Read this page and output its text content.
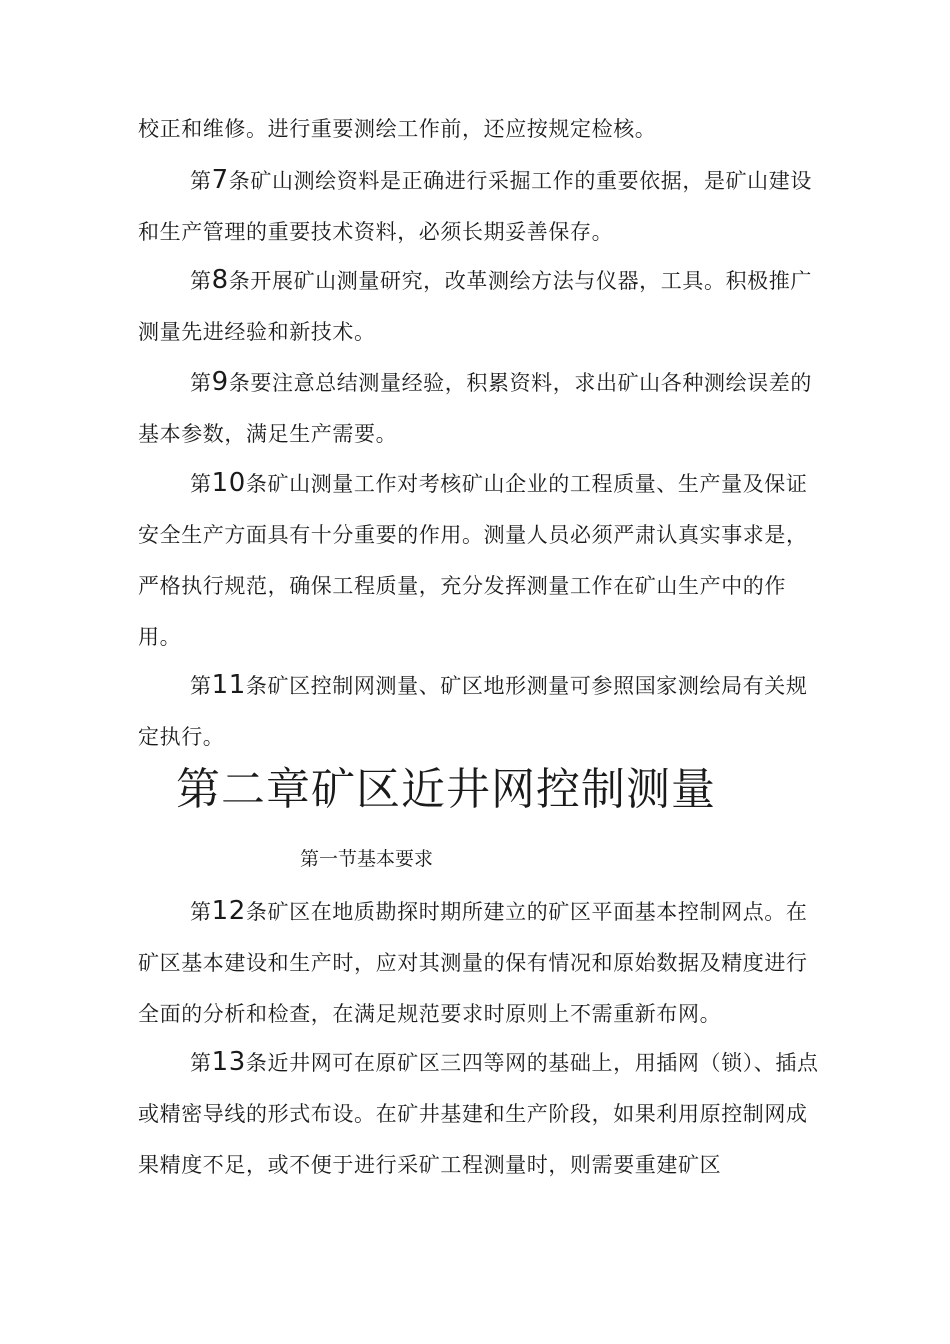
校正和维修。进行重要测绘工作前，还应按规定检核。

第7条矿山测绘资料是正确进行采掘工作的重要依据，是矿山建设和生产管理的重要技术资料，必须长期妥善保存。

第8条开展矿山测量研究，改革测绘方法与仪器，工具。积极推广测量先进经验和新技术。

第9条要注意总结测量经验，积累资料，求出矿山各种测绘误差的基本参数，满足生产需要。

第10条矿山测量工作对考核矿山企业的工程质量、生产量及保证安全生产方面具有十分重要的作用。测量人员必须严肃认真实事求是，严格执行规范，确保工程质量，充分发挥测量工作在矿山生产中的作用。

第11条矿区控制网测量、矿区地形测量可参照国家测绘局有关规定执行。

第二章矿区近井网控制测量
第一节基本要求

第12条矿区在地质勘探时期所建立的矿区平面基本控制网点。在矿区基本建设和生产时，应对其测量的保有情况和原始数据及精度进行全面的分析和检查，在满足规范要求时原则上不需重新布网。

第13条近井网可在原矿区三四等网的基础上，用插网（锁）、插点或精密导线的形式布设。在矿井基建和生产阶段，如果利用原控制网成果精度不足，或不便于进行采矿工程测量时，则需要重建矿区
